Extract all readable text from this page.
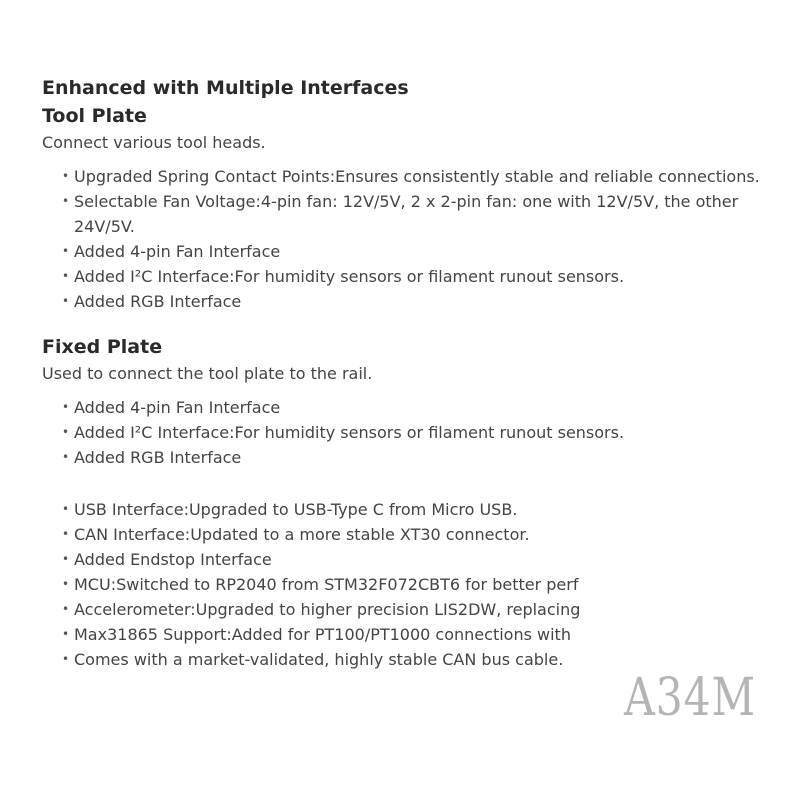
Enhanced with Multiple Interfaces
Tool Plate

Connect various tool heads.

• Upgraded Spring Contact Points:Ensures consistently stable and reliable connections.
• Selectable Fan Voltage:4-pin fan: 12V/5V, 2 x 2-pin fan: one with 12V/5V, the other 24V/5V.
• Added 4-pin Fan Interface
• Added I²C Interface:For humidity sensors or filament runout sensors.
• Added RGB Interface
Fixed Plate

Used to connect the tool plate to the rail.

• Added 4-pin Fan Interface
• Added I²C Interface:For humidity sensors or filament runout sensors.
• Added RGB Interface
• USB Interface:Upgraded to USB-Type C from Micro USB.
• CAN Interface:Updated to a more stable XT30 connector.
• Added Endstop Interface
• MCU:Switched to RP2040 from STM32F072CBT6 for better perf
• Accelerometer:Upgraded to higher precision LIS2DW, replacing
• Max31865 Support:Added for PT100/PT1000 connections with
• Comes with a market-validated, highly stable CAN bus cable.
A34M
